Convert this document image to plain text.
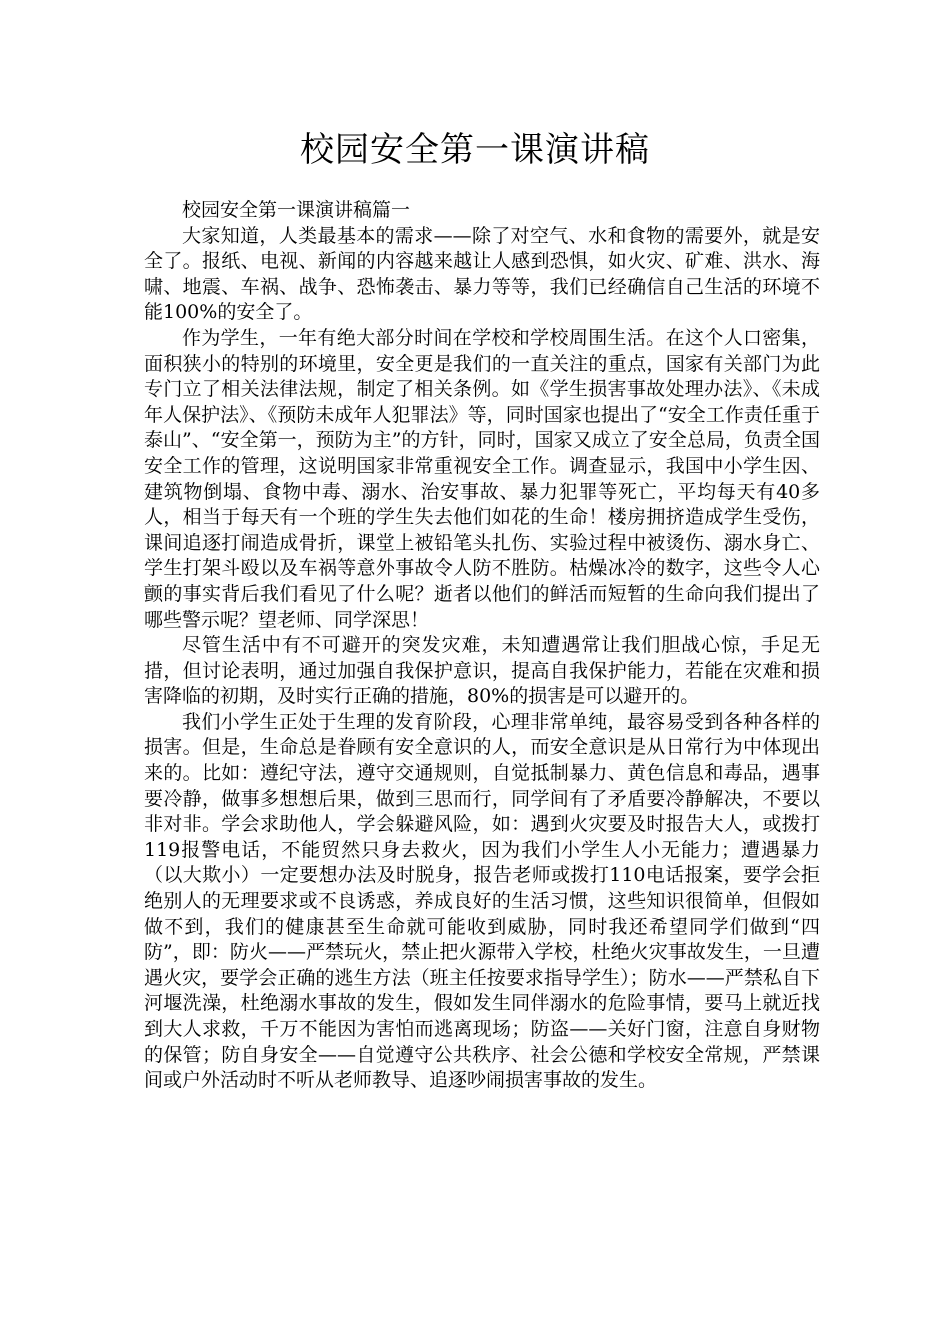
校园安全第一课演讲稿

校园安全第一课演讲稿篇一

大家知道，人类最基本的需求——除了对空气、水和食物的需要外，就是安全了。报纸、电视、新闻的内容越来越让人感到恐惧，如火灾、矿难、洪水、海啸、地震、车祸、战争、恐怖袭击、暴力等等，我们已经确信自己生活的环境不能100%的安全了。

作为学生，一年有绝大部分时间在学校和学校周围生活。在这个人口密集，面积狭小的特别的环境里，安全更是我们的一直关注的重点，国家有关部门为此专门立了相关法律法规，制定了相关条例。如《学生损害事故处理办法》、《未成年人保护法》、《预防未成年人犯罪法》等，同时国家也提出了“安全工作责任重于泰山”、“安全第一，预防为主”的方针，同时，国家又成立了安全总局，负责全国安全工作的管理，这说明国家非常重视安全工作。调查显示，我国中小学生因、建筑物倒塌、食物中毒、溺水、治安事故、暴力犯罪等死亡，平均每天有40多人，相当于每天有一个班的学生失去他们如花的生命！楼房拥挤造成学生受伤，课间追逐打闹造成骨折，课堂上被铅笔头扎伤、实验过程中被烫伤、溺水身亡、学生打架斗殴以及车祸等意外事故令人防不胜防。枯燥冰冷的数字，这些令人心颤的事实背后我们看见了什么呢？逝者以他们的鲜活而短暂的生命向我们提出了哪些警示呢？望老师、同学深思！

尽管生活中有不可避开的突发灾难，未知遭遇常让我们胆战心惊，手足无措，但讨论表明，通过加强自我保护意识，提高自我保护能力，若能在灾难和损害降临的初期，及时实行正确的措施，80%的损害是可以避开的。

我们小学生正处于生理的发育阶段，心理非常单纯，最容易受到各种各样的损害。但是，生命总是眷顾有安全意识的人，而安全意识是从日常行为中体现出来的。比如：遵纪守法，遵守交通规则，自觉抵制暴力、黄色信息和毒品，遇事要冷静，做事多想想后果，做到三思而行，同学间有了矛盾要冷静解决，不要以非对非。学会求助他人，学会躲避风险，如：遇到火灾要及时报告大人，或拨打119报警电话，不能贸然只身去救火，因为我们小学生人小无能力；遭遇暴力（以大欺小）一定要想办法及时脱身，报告老师或拨打110电话报案，要学会拒绝别人的无理要求或不良诱惑，养成良好的生活习惯，这些知识很简单，但假如做不到，我们的健康甚至生命就可能收到威胁，同时我还希望同学们做到“四防”，即：防火——严禁玩火，禁止把火源带入学校，杜绝火灾事故发生，一旦遭遇火灾，要学会正确的逃生方法（班主任按要求指导学生）；防水——严禁私自下河堰洗澡，杜绝溺水事故的发生，假如发生同伴溺水的危险事情，要马上就近找到大人求救，千万不能因为害怕而逃离现场；防盗——关好门窗，注意自身财物的保管；防自身安全——自觉遵守公共秩序、社会公德和学校安全常规，严禁课间或户外活动时不听从老师教导、追逐吵闹损害事故的发生。
